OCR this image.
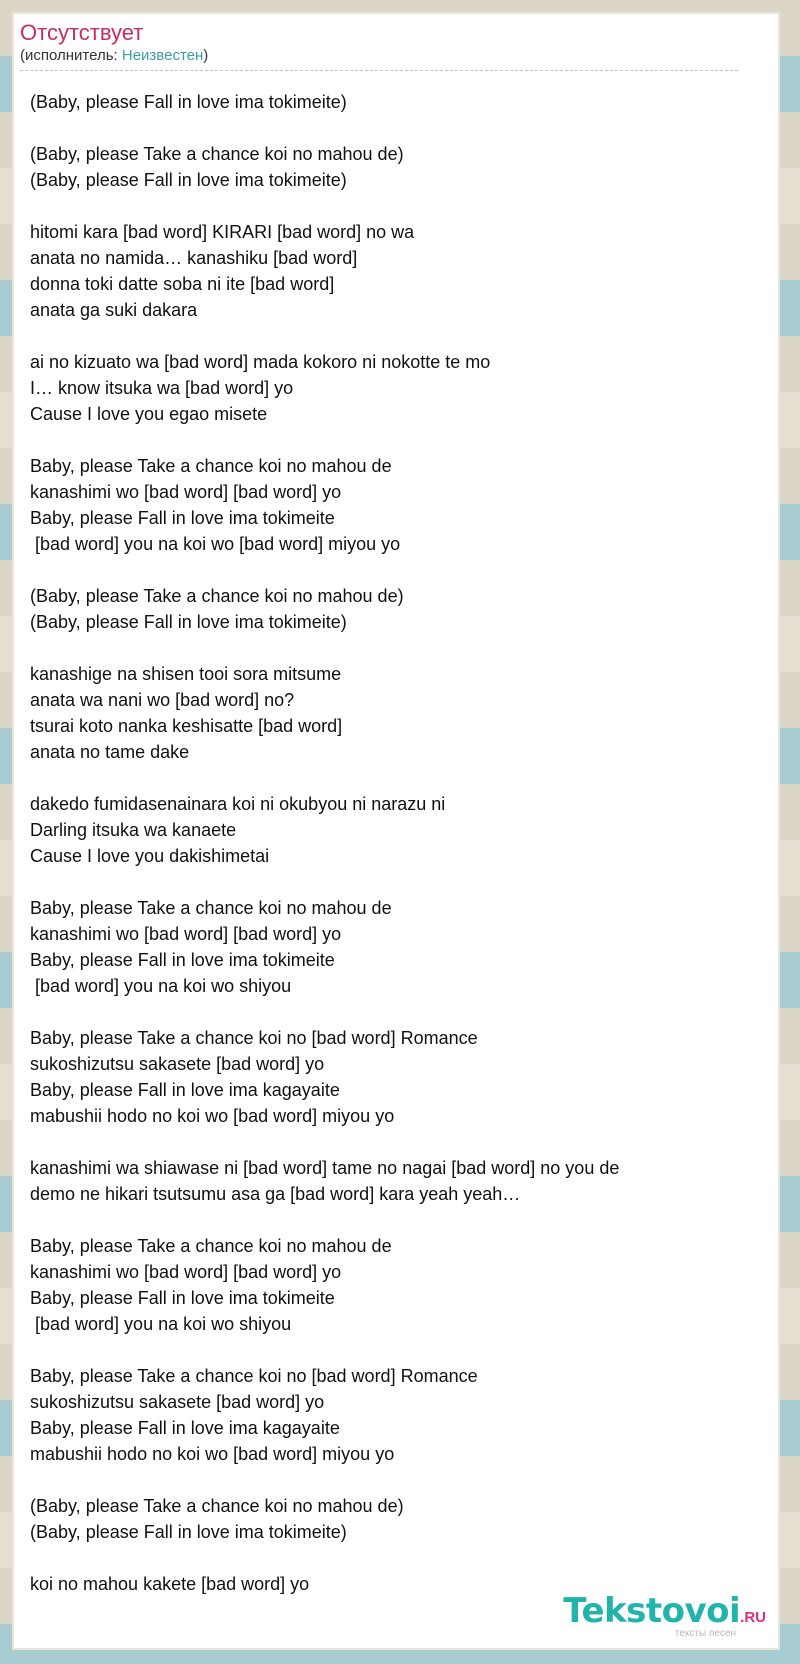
Отсутствует

(исполнитель: Неизвестен)

(Baby, please Fall in love ima tokimeite)

(Baby, please Take a chance koi no mahou de)
(Baby, please Fall in love ima tokimeite)

hitomi kara [bad word] KIRARI [bad word] no wa
anata no namida… kanashiku [bad word]
donna toki datte soba ni ite [bad word]
anata ga suki dakara

ai no kizuato wa [bad word] mada kokoro ni nokotte te mo
I… know itsuka wa [bad word] yo
Cause I love you egao misete

Baby, please Take a chance koi no mahou de
kanashimi wo [bad word] [bad word] yo
Baby, please Fall in love ima tokimeite
[bad word] you na koi wo [bad word] miyou yo

(Baby, please Take a chance koi no mahou de)
(Baby, please Fall in love ima tokimeite)

kanashige na shisen tooi sora mitsume
anata wa nani wo [bad word] no?
tsurai koto nanka keshisatte [bad word]
anata no tame dake

dakedo fumidasenainara koi ni okubyou ni narazu ni
Darling itsuka wa kanaete
Cause I love you dakishimetai

Baby, please Take a chance koi no mahou de
kanashimi wo [bad word] [bad word] yo
Baby, please Fall in love ima tokimeite
[bad word] you na koi wo shiyou

Baby, please Take a chance koi no [bad word] Romance
sukoshizutsu sakasete [bad word] yo
Baby, please Fall in love ima kagayaite
mabushii hodo no koi wo [bad word] miyou yo

kanashimi wa shiawase ni [bad word] tame no nagai [bad word] no you de
demo ne hikari tsutsumu asa ga [bad word] kara yeah yeah…

Baby, please Take a chance koi no mahou de
kanashimi wo [bad word] [bad word] yo
Baby, please Fall in love ima tokimeite
[bad word] you na koi wo shiyou

Baby, please Take a chance koi no [bad word] Romance
sukoshizutsu sakasete [bad word] yo
Baby, please Fall in love ima kagayaite
mabushii hodo no koi wo [bad word] miyou yo

(Baby, please Take a chance koi no mahou de)
(Baby, please Fall in love ima tokimeite)

koi no mahou kakete [bad word] yo
Tekstovoi.RU
тексты песен
